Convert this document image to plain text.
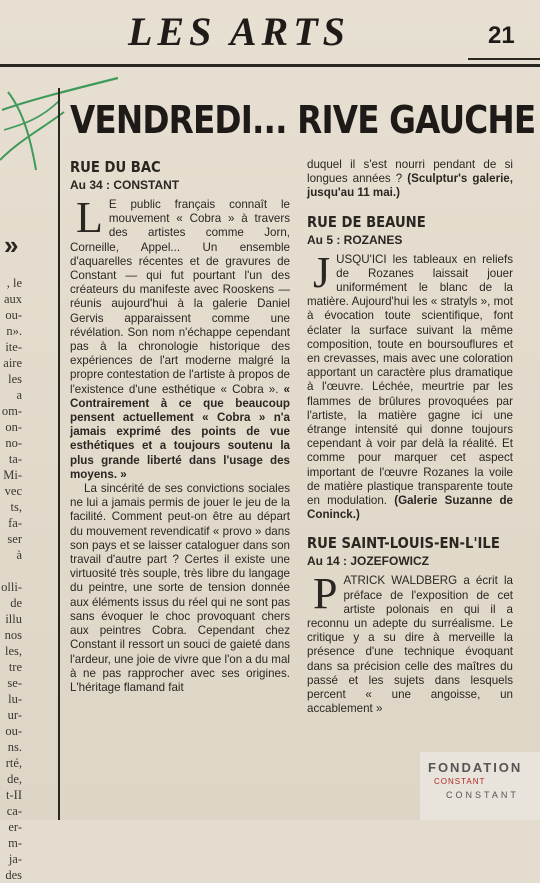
LES ARTS	21
»
, le
aux
ou-
n».
ite-
aire
les
a
om-
on-
no-
ta-
Mi-
vec
ts,
fa-
ser
à
olli-
de
illu
nos
les,
tre
se-
lu-
ur-
ou-
ns.
rté,
de,
t-II
ca-
er-
m-
ja-
des
VENDREDI... RIVE GAUCHE

RUE DU BAC

Au 34 : CONSTANT

L E public français connaît le mouvement « Cobra » à travers des artistes comme Jorn, Corneille, Appel... Un ensemble d'aquarelles récentes et de gravures de Constant — qui fut pourtant l'un des créateurs du manifeste avec Rooskens — réunis aujourd'hui à la galerie Daniel Gervis apparaissent comme une révélation. Son nom n'échappe cependant pas à la chronologie historique des expériences de l'art moderne malgré la propre contestation de l'artiste à propos de l'existence d'une esthétique « Cobra ». « Contrairement à ce que beaucoup pensent actuellement « Cobra » n'a jamais exprimé des points de vue esthétiques et a toujours soutenu la plus grande liberté dans l'usage des moyens. »

La sincérité de ses convictions sociales ne lui a jamais permis de jouer le jeu de la facilité. Comment peut-on être au départ du mouvement revendicatif « provo » dans son pays et se laisser cataloguer dans son travail d'autre part ? Certes il existe une virtuosité très souple, très libre du langage du peintre, une sorte de tension donnée aux éléments issus du réel qui ne sont pas sans évoquer le choc provoquant chers aux peintres Cobra. Cependant chez Constant il ressort un souci de gaieté dans l'ardeur, une joie de vivre que l'on a du mal à ne pas rapprocher avec ses origines. L'héritage flamand fait

duquel il s'est nourri pendant de si longues années ? (Sculptur's galerie, jusqu'au 11 mai.)

RUE DE BEAUNE

Au 5 : ROZANES

JUSQU'ICI les tableaux en reliefs de Rozanes laissait jouer uniformément le blanc de la matière. Aujourd'hui les « stratyls », mot à évocation toute scientifique, font éclater la surface suivant la même composition, toute en boursouflures et en crevasses, mais avec une coloration apportant un caractère plus dramatique à l'œuvre. Léchée, meurtrie par les flammes de brûlures provoquées par l'artiste, la matière gagne ici une étrange intensité qui donne toujours cependant à voir par delà la réalité. Et comme pour marquer cet aspect important de l'œuvre Rozanes la voile de matière plastique transparente toute en modulation. (Galerie Suzanne de Coninck.)

RUE SAINT-LOUIS-EN-L'ILE

Au 14 : JOZEFOWICZ

PATRICK WALDBERG a écrit la préface de l'exposition de cet artiste polonais en qui il a reconnu un adepte du surréalisme. Le critique y a su dire à merveille la présence d'une technique évoquant dans sa précision celle des maîtres du passé et les sujets dans lesquels percent « une angoisse, un accablement »

FONDATION
CONSTANT
CONSTANT
